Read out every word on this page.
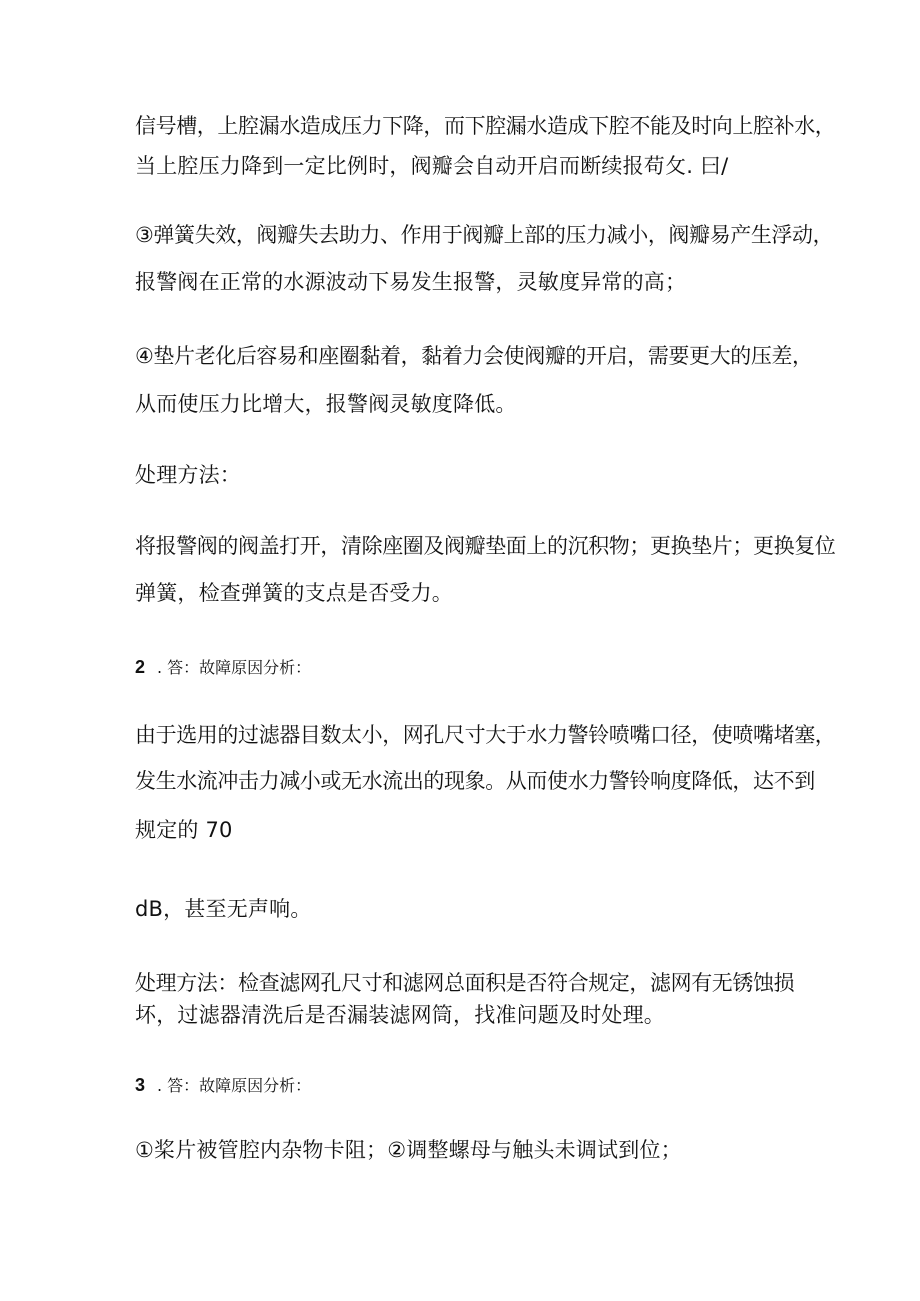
信号槽，上腔漏水造成压力下降，而下腔漏水造成下腔不能及时向上腔补水，
当上腔压力降到一定比例时，阀瓣会自动开启而断续报苟攵. 曰/
③弹簧失效，阀瓣失去助力、作用于阀瓣上部的压力减小，阀瓣易产生浮动，
报警阀在正常的水源波动下易发生报警，灵敏度异常的高；
④垫片老化后容易和座圈黏着，黏着力会使阀瓣的开启，需要更大的压差，
从而使压力比增大，报警阀灵敏度降低。
处理方法：
将报警阀的阀盖打开，清除座圈及阀瓣垫面上的沉积物；更换垫片；更换复位
弹簧，检查弹簧的支点是否受力。
2 . 答：故障原因分析：
由于选用的过滤器目数太小，网孔尺寸大于水力警铃喷嘴口径，使喷嘴堵塞，
发生水流冲击力减小或无水流出的现象。从而使水力警铃响度降低，达不到
规定的 70
dB，甚至无声响。
处理方法：检查滤网孔尺寸和滤网总面积是否符合规定，滤网有无锈蚀损
坏，过滤器清洗后是否漏装滤网筒，找准问题及时处理。
3 . 答：故障原因分析：
①桨片被管腔内杂物卡阻；②调整螺母与触头未调试到位；
